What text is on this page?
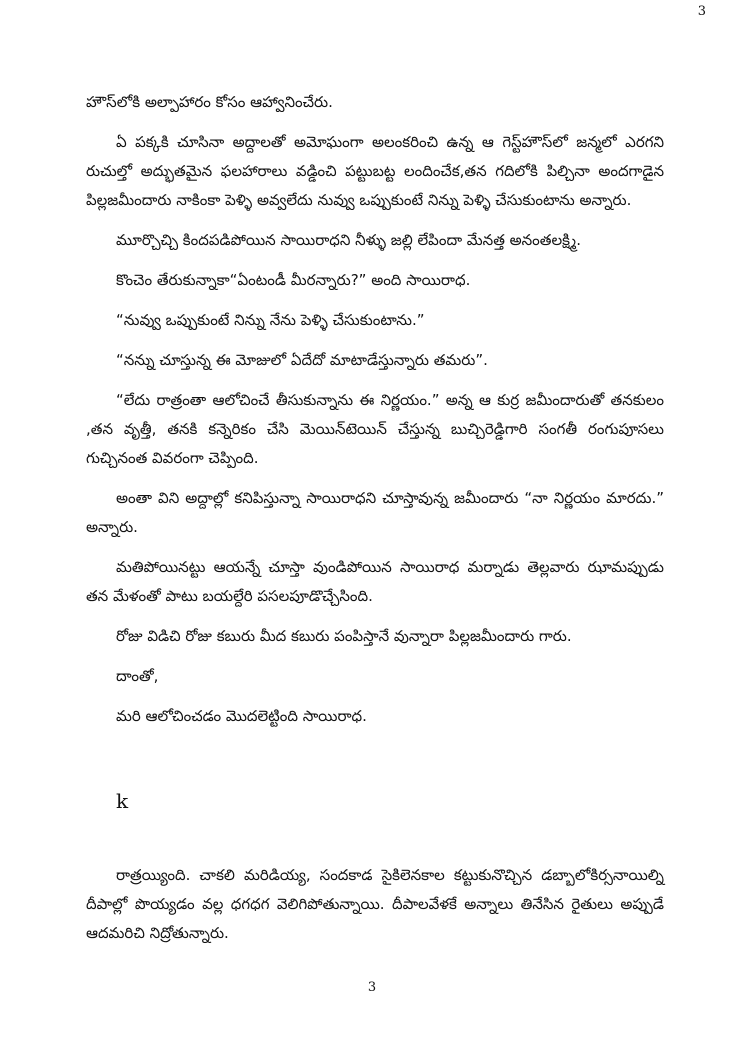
3

హౌస్‌లోకి అల్పాహారం కోసం ఆహ్వానించేరు.

ఏ పక్కకి చూసినా అద్దాలతో అమోఘంగా అలంకరించి ఉన్న ఆ గెస్ట్‌హౌస్‌లో జన్మలో ఎరగని రుచుల్తో అద్భుతమైన ఫలహారాలు వడ్డించి పట్టుబట్ట లందించేక,తన గదిలోకి పిల్చినా అందగాడైన పిల్లజమీందారు నాకింకా పెళ్ళి అవ్వలేదు నువ్వు ఒప్పుకుంటే నిన్ను పెళ్ళి చేసుకుంటాను అన్నారు.

మూర్చొచ్చి కిందపడిపోయిన సాయిరాధని నీళ్ళు జల్లి లేపిందా మేనత్త అనంతలక్ష్మి.

కొంచెం తేరుకున్నాకా“ఏంటండీ మీరన్నారు?” అంది సాయిరాధ.

“నువ్వు ఒప్పుకుంటే నిన్ను నేను పెళ్ళి చేసుకుంటాను.”

“నన్ను చూస్తున్న ఈ మోజులో ఏదేదో మాటాడేస్తున్నారు తమరు”.

“లేదు రాత్రంతా ఆలోచించే తీసుకున్నాను ఈ నిర్ణయం.” అన్న ఆ కుర్ర జమీందారుతో తనకులం ,తన వృత్తీ, తనకి కన్నెరికం చేసి మెయిన్‌టెయిన్ చేస్తున్న బుచ్చిరెడ్డిగారి సంగతీ రంగుపూసలు గుచ్చినంత వివరంగా చెప్పింది.

అంతా విని అద్దాల్లో కనిపిస్తున్నా సాయిరాధని చూస్తావున్న జమీందారు “నా నిర్ణయం మారదు.” అన్నారు.

మతిపోయినట్టు ఆయన్నే చూస్తా వుండిపోయిన సాయిరాధ మర్నాడు తెల్లవారు ఝామప్పుడు తన మేళంతో పాటు బయల్దేరి పసలపూడొచ్చేసింది.

రోజు విడిచి రోజు కబురు మీద కబురు పంపిస్తానే వున్నారా పిల్లజమీందారు గారు.

దాంతో,

మరి ఆలోచించడం మొదలెట్టింది సాయిరాధ.

k

రాత్రయ్యింది. చాకలి మరిడియ్య, సందకాడ సైకిలెనకాల కట్టుకునొచ్చిన డబ్బాలోకిర్సనాయిల్ని దీపాల్లో పొయ్యడం వల్ల ధగధగ వెలిగిపోతున్నాయి. దీపాలవేళకే అన్నాలు తినేసిన రైతులు అప్పుడే ఆదమరిచి నిద్రోతున్నారు.

3
